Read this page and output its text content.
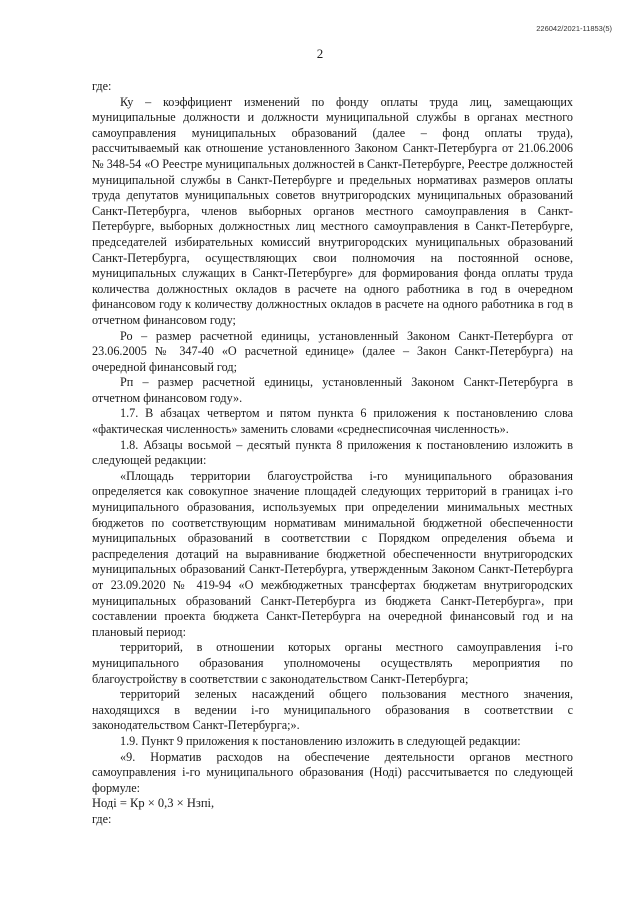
226042/2021-11853(5)
2

где:

Ку – коэффициент изменений по фонду оплаты труда лиц, замещающих муниципальные должности и должности муниципальной службы в органах местного самоуправления муниципальных образований (далее – фонд оплаты труда), рассчитываемый как отношение установленного Законом Санкт-Петербурга от 21.06.2006 № 348-54 «О Реестре муниципальных должностей в Санкт-Петербурге, Реестре должностей муниципальной службы в Санкт-Петербурге и предельных нормативах размеров оплаты труда депутатов муниципальных советов внутригородских муниципальных образований Санкт-Петербурга, членов выборных органов местного самоуправления в Санкт-Петербурге, выборных должностных лиц местного самоуправления в Санкт-Петербурге, председателей избирательных комиссий внутригородских муниципальных образований Санкт-Петербурга, осуществляющих свои полномочия на постоянной основе, муниципальных служащих в Санкт-Петербурге» для формирования фонда оплаты труда количества должностных окладов в расчете на одного работника в год в очередном финансовом году к количеству должностных окладов в расчете на одного работника в год в отчетном финансовом году;

Ро – размер расчетной единицы, установленный Законом Санкт-Петербурга от 23.06.2005 № 347-40 «О расчетной единице» (далее – Закон Санкт-Петербурга) на очередной финансовый год;

Рп – размер расчетной единицы, установленный Законом Санкт-Петербурга в отчетном финансовом году».

1.7. В абзацах четвертом и пятом пункта 6 приложения к постановлению слова «фактическая численность» заменить словами «среднесписочная численность».

1.8. Абзацы восьмой – десятый пункта 8 приложения к постановлению изложить в следующей редакции:

«Площадь территории благоустройства i-го муниципального образования определяется как совокупное значение площадей следующих территорий в границах i-го муниципального образования, используемых при определении минимальных местных бюджетов по соответствующим нормативам минимальной бюджетной обеспеченности муниципальных образований в соответствии с Порядком определения объема и распределения дотаций на выравнивание бюджетной обеспеченности внутригородских муниципальных образований Санкт-Петербурга, утвержденным Законом Санкт-Петербурга от 23.09.2020 № 419-94 «О межбюджетных трансфертах бюджетам внутригородских муниципальных образований Санкт-Петербурга из бюджета Санкт-Петербурга», при составлении проекта бюджета Санкт-Петербурга на очередной финансовый год и на плановый период:

территорий, в отношении которых органы местного самоуправления i-го муниципального образования уполномочены осуществлять мероприятия по благоустройству в соответствии с законодательством Санкт-Петербурга;

территорий зеленых насаждений общего пользования местного значения, находящихся в ведении i-го муниципального образования в соответствии с законодательством Санкт-Петербурга;».

1.9. Пункт 9 приложения к постановлению изложить в следующей редакции:

«9. Норматив расходов на обеспечение деятельности органов местного самоуправления i-го муниципального образования (Нодi) рассчитывается по следующей формуле:

Нодi = Кр × 0,3 × Нзпi,

где:
